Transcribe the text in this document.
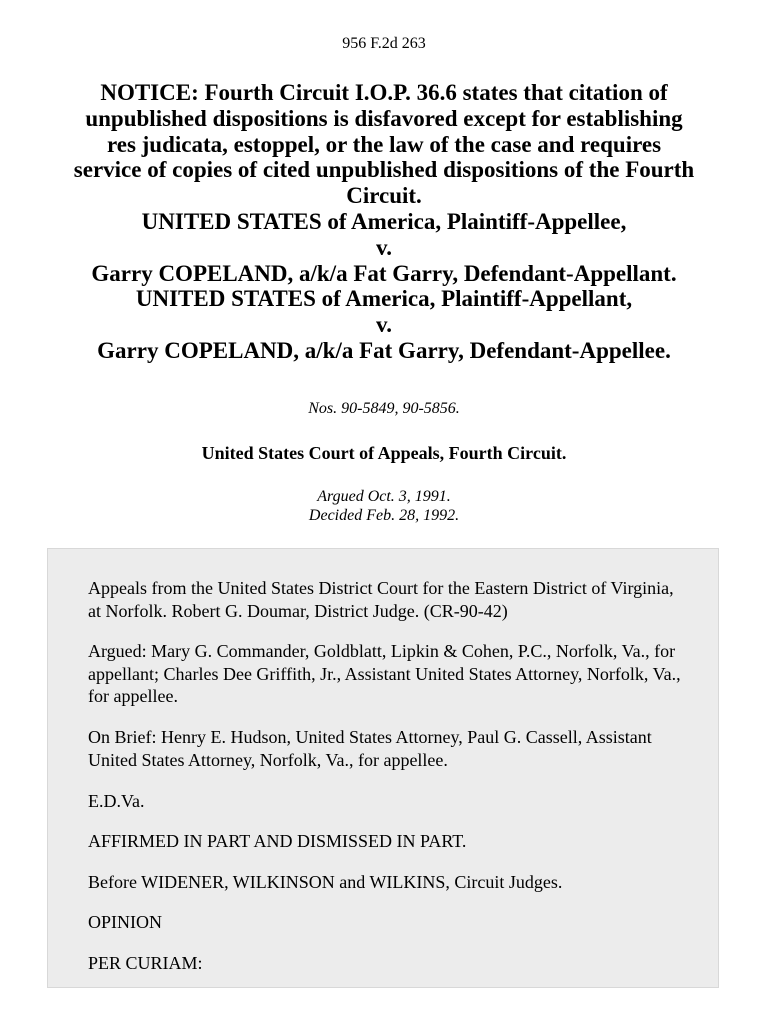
956 F.2d 263
NOTICE: Fourth Circuit I.O.P. 36.6 states that citation of
unpublished dispositions is disfavored except for establishing
res judicata, estoppel, or the law of the case and requires
service of copies of cited unpublished dispositions of the Fourth
Circuit.
UNITED STATES of America, Plaintiff-Appellee,
v.
Garry COPELAND, a/k/a Fat Garry, Defendant-Appellant.
UNITED STATES of America, Plaintiff-Appellant,
v.
Garry COPELAND, a/k/a Fat Garry, Defendant-Appellee.
Nos. 90-5849, 90-5856.
United States Court of Appeals, Fourth Circuit.
Argued Oct. 3, 1991.
Decided Feb. 28, 1992.

Appeals from the United States District Court for the Eastern District of Virginia, at Norfolk. Robert G. Doumar, District Judge. (CR-90-42)

Argued: Mary G. Commander, Goldblatt, Lipkin & Cohen, P.C., Norfolk, Va., for appellant; Charles Dee Griffith, Jr., Assistant United States Attorney, Norfolk, Va., for appellee.

On Brief: Henry E. Hudson, United States Attorney, Paul G. Cassell, Assistant United States Attorney, Norfolk, Va., for appellee.

E.D.Va.

AFFIRMED IN PART AND DISMISSED IN PART.

Before WIDENER, WILKINSON and WILKINS, Circuit Judges.

OPINION

PER CURIAM:
